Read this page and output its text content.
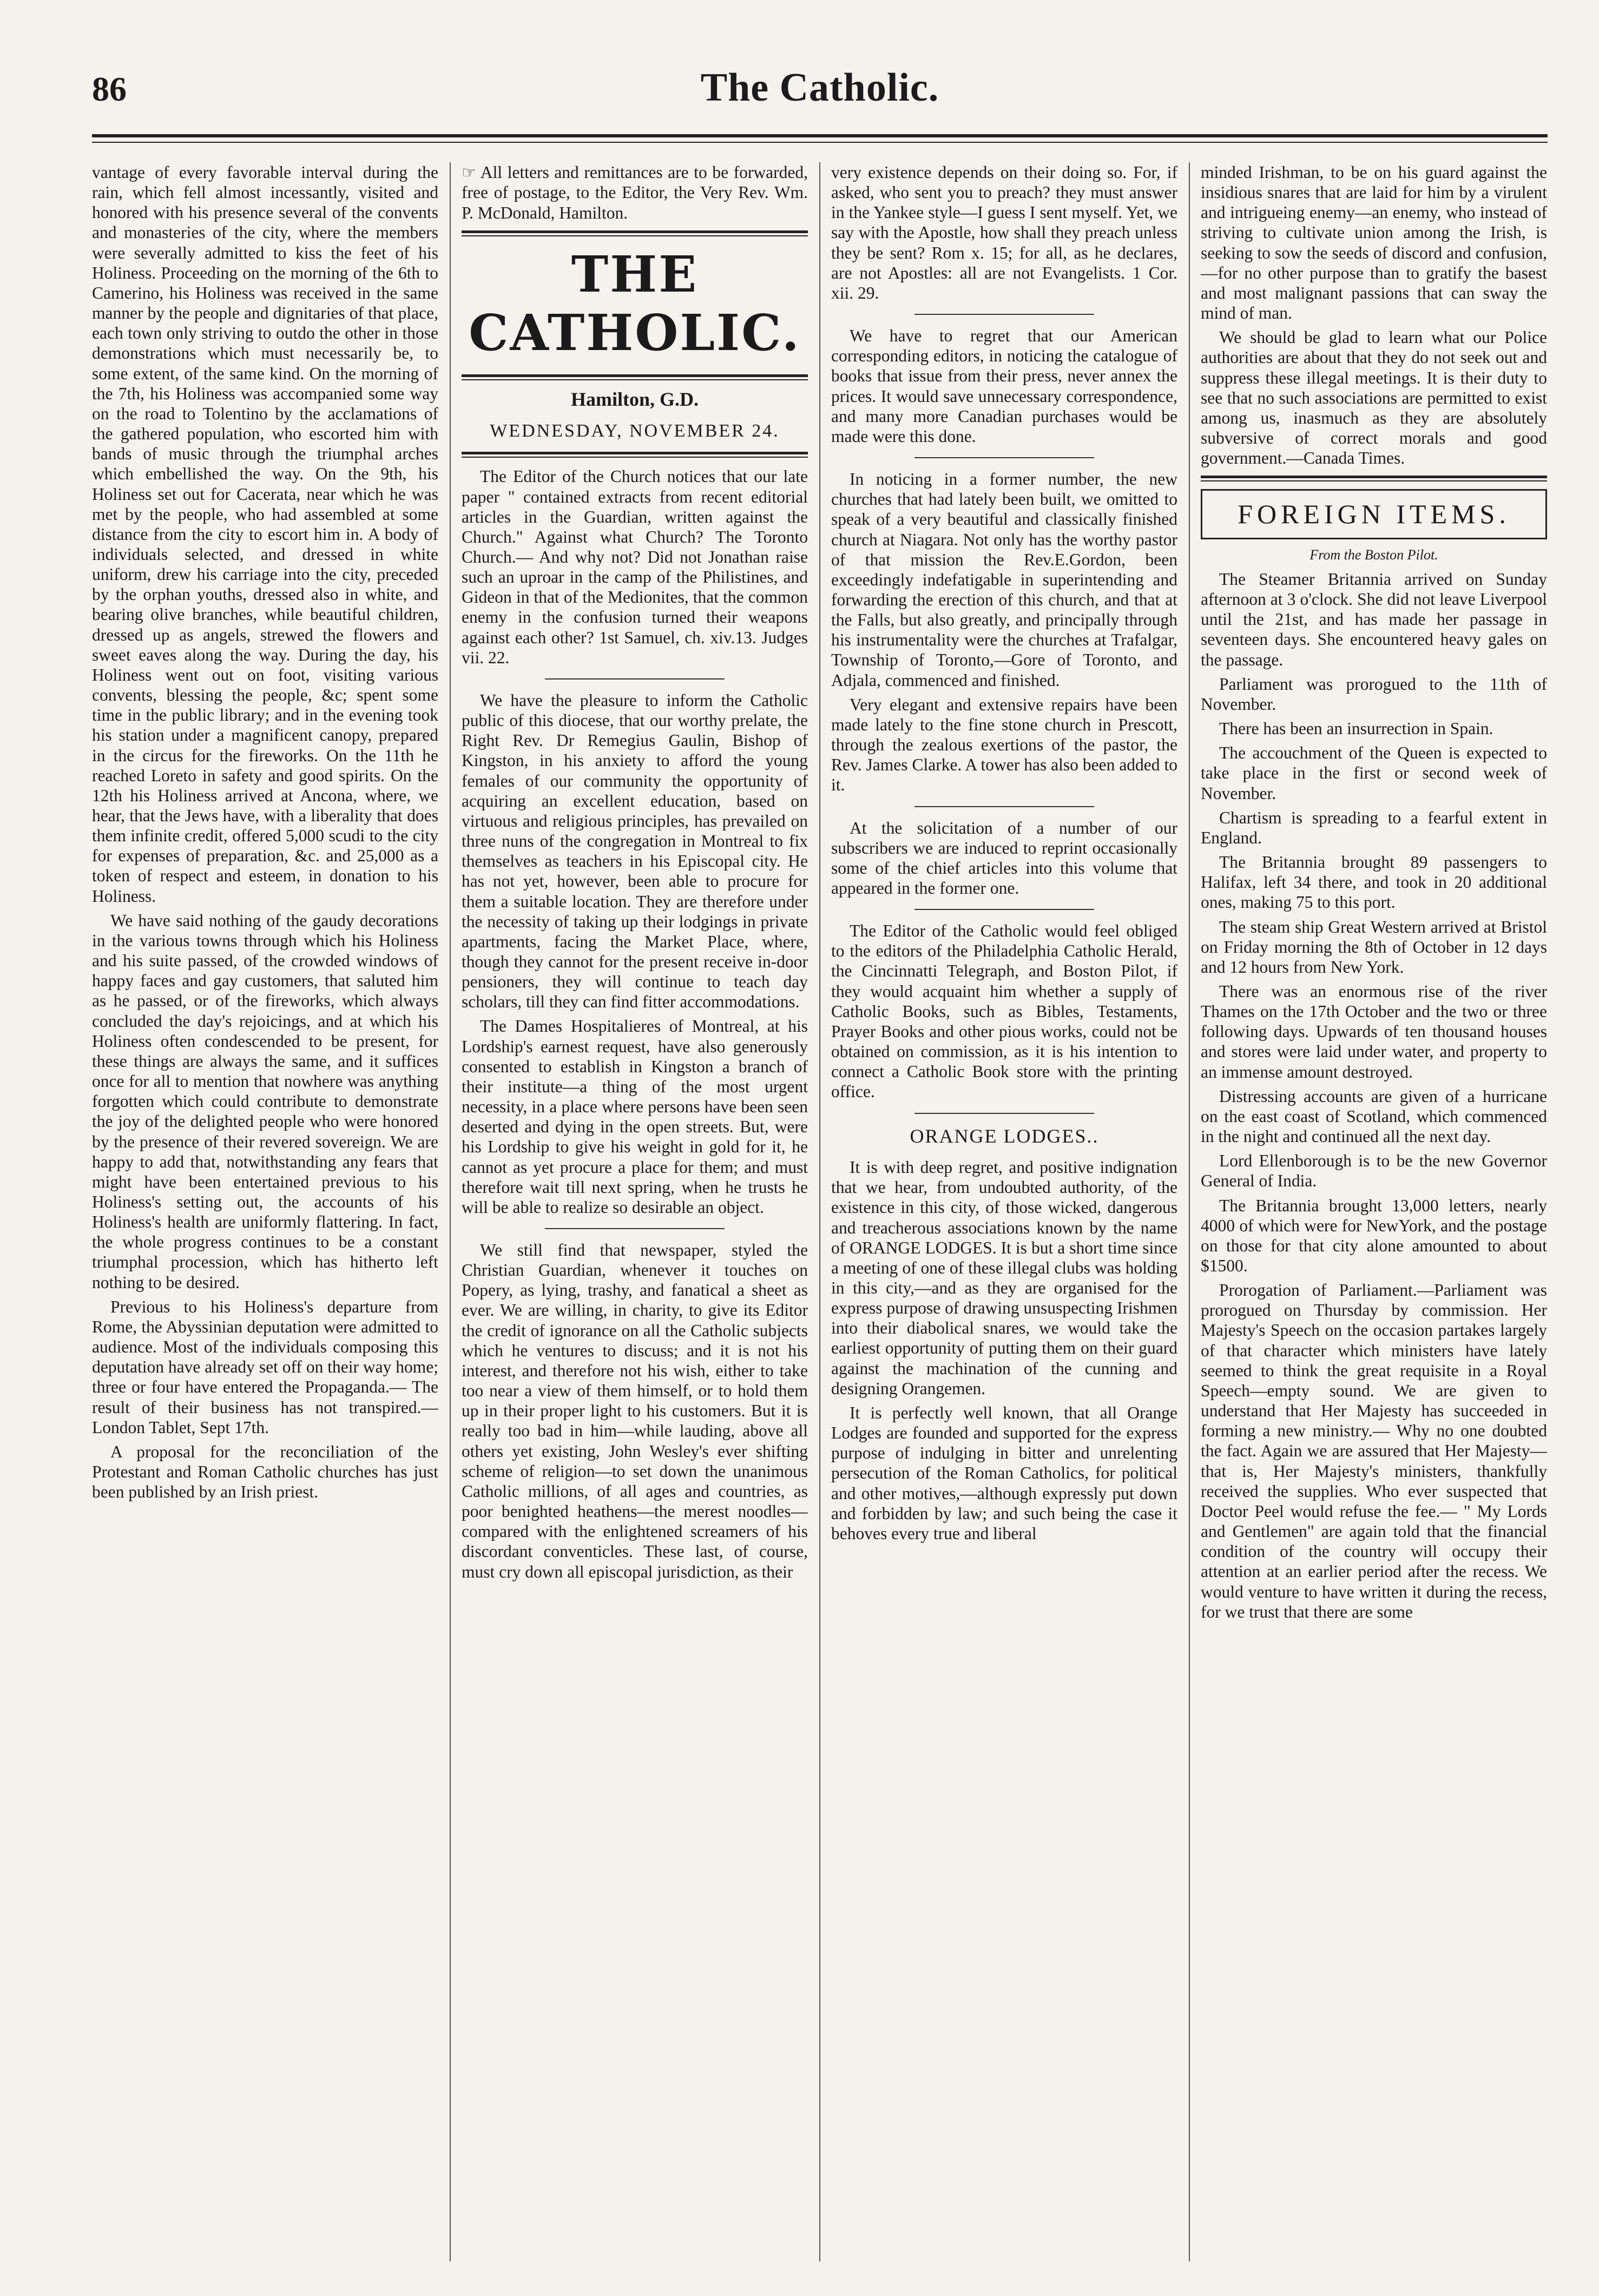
86	The Catholic.

vantage of every favorable interval during the rain, which fell almost incessantly, visited and honored with his presence several of the convents and monasteries of the city, where the members were severally admitted to kiss the feet of his Holiness. Proceeding on the morning of the 6th to Camerino, his Holiness was received in the same manner by the people and dignitaries of that place, each town only striving to outdo the other in those demonstrations which must necessarily be, to some extent, of the same kind. On the morning of the 7th, his Holiness was accompanied some way on the road to Tolentino by the acclamations of the gathered population, who escorted him with bands of music through the triumphal arches which embellished the way. On the 9th, his Holiness set out for Cacerata, near which he was met by the people, who had assembled at some distance from the city to escort him in. A body of individuals selected, and dressed in white uniform, drew his carriage into the city, preceded by the orphan youths, dressed also in white, and bearing olive branches, while beautiful children, dressed up as angels, strewed the flowers and sweet eaves along the way. During the day, his Holiness went out on foot, visiting various convents, blessing the people, &c; spent some time in the public library; and in the evening took his station under a magnificent canopy, prepared in the circus for the fireworks. On the 11th he reached Loreto in safety and good spirits. On the 12th his Holiness arrived at Ancona, where, we hear, that the Jews have, with a liberality that does them infinite credit, offered 5,000 scudi to the city for expenses of preparation, &c. and 25,000 as a token of respect and esteem, in donation to his Holiness.

We have said nothing of the gaudy decorations in the various towns through which his Holiness and his suite passed, of the crowded windows of happy faces and gay customers, that saluted him as he passed, or of the fireworks, which always concluded the day's rejoicings, and at which his Holiness often condescended to be present, for these things are always the same, and it suffices once for all to mention that nowhere was anything forgotten which could contribute to demonstrate the joy of the delighted people who were honored by the presence of their revered sovereign. We are happy to add that, notwithstanding any fears that might have been entertained previous to his Holiness's setting out, the accounts of his Holiness's health are uniformly flattering. In fact, the whole progress continues to be a constant triumphal procession, which has hitherto left nothing to be desired.

Previous to his Holiness's departure from Rome, the Abyssinian deputation were admitted to audience. Most of the individuals composing this deputation have already set off on their way home; three or four have entered the Propaganda.— The result of their business has not transpired.—London Tablet, Sept 17th.

A proposal for the reconciliation of the Protestant and Roman Catholic churches has just been published by an Irish priest.

☞ All letters and remittances are to be forwarded, free of postage, to the Editor, the Very Rev. Wm. P. McDonald, Hamilton.

THE CATHOLIC.
Hamilton, G.D.
WEDNESDAY, NOVEMBER 24.

The Editor of the Church notices that our late paper " contained extracts from recent editorial articles in the Guardian, written against the Church." Against what Church? The Toronto Church.— And why not? Did not Jonathan raise such an uproar in the camp of the Philistines, and Gideon in that of the Medionites, that the common enemy in the confusion turned their weapons against each other? 1st Samuel, ch. xiv.13. Judges vii. 22.

We have the pleasure to inform the Catholic public of this diocese, that our worthy prelate, the Right Rev. Dr Remegius Gaulin, Bishop of Kingston, in his anxiety to afford the young females of our community the opportunity of acquiring an excellent education, based on virtuous and religious principles, has prevailed on three nuns of the congregation in Montreal to fix themselves as teachers in his Episcopal city. He has not yet, however, been able to procure for them a suitable location. They are therefore under the necessity of taking up their lodgings in private apartments, facing the Market Place, where, though they cannot for the present receive in-door pensioners, they will continue to teach day scholars, till they can find fitter accommodations.

The Dames Hospitalieres of Montreal, at his Lordship's earnest request, have also generously consented to establish in Kingston a branch of their institute—a thing of the most urgent necessity, in a place where persons have been seen deserted and dying in the open streets. But, were his Lordship to give his weight in gold for it, he cannot as yet procure a place for them; and must therefore wait till next spring, when he trusts he will be able to realize so desirable an object.

We still find that newspaper, styled the Christian Guardian, whenever it touches on Popery, as lying, trashy, and fanatical a sheet as ever. We are willing, in charity, to give its Editor the credit of ignorance on all the Catholic subjects which he ventures to discuss; and it is not his interest, and therefore not his wish, either to take too near a view of them himself, or to hold them up in their proper light to his customers. But it is really too bad in him—while lauding, above all others yet existing, John Wesley's ever shifting scheme of religion—to set down the unanimous Catholic millions, of all ages and countries, as poor benighted heathens—the merest noodles—compared with the enlightened screamers of his discordant conventicles. These last, of course, must cry down all episcopal jurisdiction, as their

very existence depends on their doing so. For, if asked, who sent you to preach? they must answer in the Yankee style—I guess I sent myself. Yet, we say with the Apostle, how shall they preach unless they be sent? Rom x. 15; for all, as he declares, are not Apostles: all are not Evangelists. 1 Cor. xii. 29.

We have to regret that our American corresponding editors, in noticing the catalogue of books that issue from their press, never annex the prices. It would save unnecessary correspondence, and many more Canadian purchases would be made were this done.

In noticing in a former number, the new churches that had lately been built, we omitted to speak of a very beautiful and classically finished church at Niagara. Not only has the worthy pastor of that mission the Rev.E.Gordon, been exceedingly indefatigable in superintending and forwarding the erection of this church, and that at the Falls, but also greatly, and principally through his instrumentality were the churches at Trafalgar, Township of Toronto,—Gore of Toronto, and Adjala, commenced and finished.

Very elegant and extensive repairs have been made lately to the fine stone church in Prescott, through the zealous exertions of the pastor, the Rev. James Clarke. A tower has also been added to it.

At the solicitation of a number of our subscribers we are induced to reprint occasionally some of the chief articles into this volume that appeared in the former one.

The Editor of the Catholic would feel obliged to the editors of the Philadelphia Catholic Herald, the Cincinnatti Telegraph, and Boston Pilot, if they would acquaint him whether a supply of Catholic Books, such as Bibles, Testaments, Prayer Books and other pious works, could not be obtained on commission, as it is his intention to connect a Catholic Book store with the printing office.

ORANGE LODGES..

It is with deep regret, and positive indignation that we hear, from undoubted authority, of the existence in this city, of those wicked, dangerous and treacherous associations known by the name of ORANGE LODGES. It is but a short time since a meeting of one of these illegal clubs was holding in this city,—and as they are organised for the express purpose of drawing unsuspecting Irishmen into their diabolical snares, we would take the earliest opportunity of putting them on their guard against the machination of the cunning and designing Orangemen.

It is perfectly well known, that all Orange Lodges are founded and supported for the express purpose of indulging in bitter and unrelenting persecution of the Roman Catholics, for political and other motives,—although expressly put down and forbidden by law; and such being the case it behoves every true and liberal

minded Irishman, to be on his guard against the insidious snares that are laid for him by a virulent and intrigueing enemy—an enemy, who instead of striving to cultivate union among the Irish, is seeking to sow the seeds of discord and confusion,—for no other purpose than to gratify the basest and most malignant passions that can sway the mind of man.

We should be glad to learn what our Police authorities are about that they do not seek out and suppress these illegal meetings. It is their duty to see that no such associations are permitted to exist among us, inasmuch as they are absolutely subversive of correct morals and good government.—Canada Times.

FOREIGN ITEMS.
From the Boston Pilot.

The Steamer Britannia arrived on Sunday afternoon at 3 o'clock. She did not leave Liverpool until the 21st, and has made her passage in seventeen days. She encountered heavy gales on the passage.

Parliament was prorogued to the 11th of November.

There has been an insurrection in Spain.

The accouchment of the Queen is expected to take place in the first or second week of November.

Chartism is spreading to a fearful extent in England.

The Britannia brought 89 passengers to Halifax, left 34 there, and took in 20 additional ones, making 75 to this port.

The steam ship Great Western arrived at Bristol on Friday morning the 8th of October in 12 days and 12 hours from New York.

There was an enormous rise of the river Thames on the 17th October and the two or three following days. Upwards of ten thousand houses and stores were laid under water, and property to an immense amount destroyed.

Distressing accounts are given of a hurricane on the east coast of Scotland, which commenced in the night and continued all the next day.

Lord Ellenborough is to be the new Governor General of India.

The Britannia brought 13,000 letters, nearly 4000 of which were for NewYork, and the postage on those for that city alone amounted to about $1500.

Prorogation of Parliament.—Parliament was prorogued on Thursday by commission. Her Majesty's Speech on the occasion partakes largely of that character which ministers have lately seemed to think the great requisite in a Royal Speech—empty sound. We are given to understand that Her Majesty has succeeded in forming a new ministry.— Why no one doubted the fact. Again we are assured that Her Majesty—that is, Her Majesty's ministers, thankfully received the supplies. Who ever suspected that Doctor Peel would refuse the fee.— " My Lords and Gentlemen" are again told that the financial condition of the country will occupy their attention at an earlier period after the recess. We would venture to have written it during the recess, for we trust that there are some
